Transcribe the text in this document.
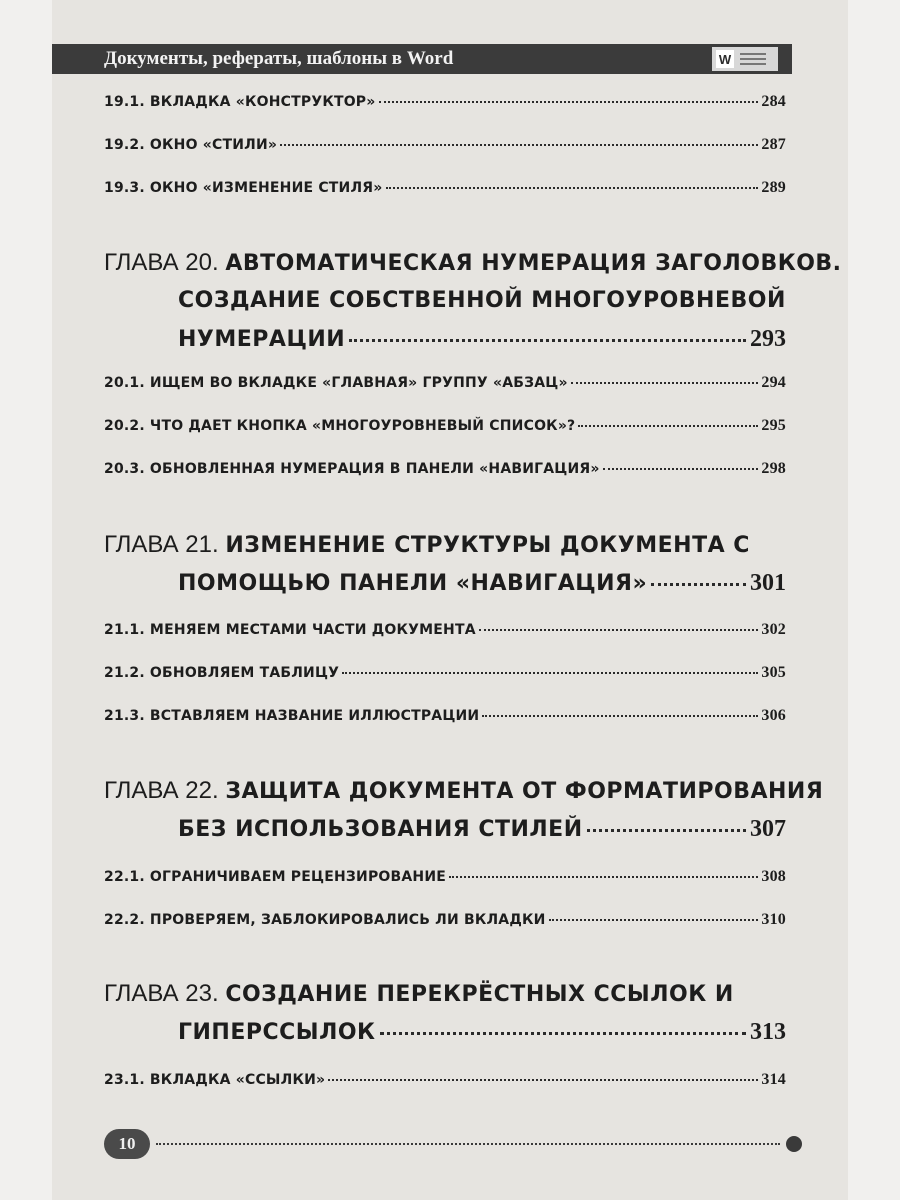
Документы, рефераты, шаблоны в Word	W
19.1. ВКЛАДКА «КОНСТРУКТОР»	284
19.2. ОКНО «СТИЛИ»	287
19.3. ОКНО «ИЗМЕНЕНИЕ СТИЛЯ»	289
ГЛАВА 20. АВТОМАТИЧЕСКАЯ НУМЕРАЦИЯ ЗАГОЛОВКОВ.
СОЗДАНИЕ СОБСТВЕННОЙ МНОГОУРОВНЕВОЙ
НУМЕРАЦИИ	293
20.1. ИЩЕМ ВО ВКЛАДКЕ «ГЛАВНАЯ» ГРУППУ «АБЗАЦ»	294
20.2. ЧТО ДАЕТ КНОПКА «МНОГОУРОВНЕВЫЙ СПИСОК»?	295
20.3. ОБНОВЛЕННАЯ НУМЕРАЦИЯ В ПАНЕЛИ «НАВИГАЦИЯ»	298
ГЛАВА 21. ИЗМЕНЕНИЕ СТРУКТУРЫ ДОКУМЕНТА С
ПОМОЩЬЮ ПАНЕЛИ «НАВИГАЦИЯ»	301
21.1. МЕНЯЕМ МЕСТАМИ ЧАСТИ ДОКУМЕНТА	302
21.2. ОБНОВЛЯЕМ ТАБЛИЦУ	305
21.3. ВСТАВЛЯЕМ НАЗВАНИЕ ИЛЛЮСТРАЦИИ	306
ГЛАВА 22. ЗАЩИТА ДОКУМЕНТА ОТ ФОРМАТИРОВАНИЯ
БЕЗ ИСПОЛЬЗОВАНИЯ СТИЛЕЙ	307
22.1. ОГРАНИЧИВАЕМ РЕЦЕНЗИРОВАНИЕ	308
22.2. ПРОВЕРЯЕМ, ЗАБЛОКИРОВАЛИСЬ ЛИ ВКЛАДКИ	310
ГЛАВА 23. СОЗДАНИЕ ПЕРЕКРЁСТНЫХ ССЫЛОК И
ГИПЕРССЫЛОК	313
23.1. ВКЛАДКА «ССЫЛКИ»	314
10
